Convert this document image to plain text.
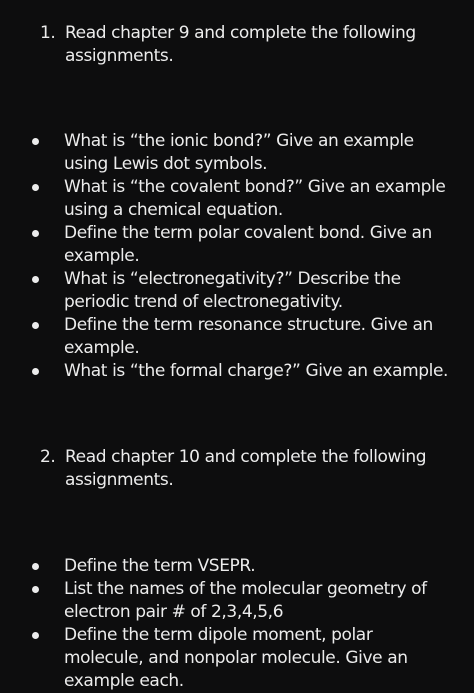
1. Read chapter 9 and complete the following assignments.
What is “the ionic bond?” Give an example using Lewis dot symbols.
What is “the covalent bond?” Give an example using a chemical equation.
Define the term polar covalent bond. Give an example.
What is “electronegativity?” Describe the periodic trend of electronegativity.
Define the term resonance structure. Give an example.
What is “the formal charge?” Give an example.
2. Read chapter 10 and complete the following assignments.
Define the term VSEPR.
List the names of the molecular geometry of electron pair # of 2,3,4,5,6
Define the term dipole moment, polar molecule, and nonpolar molecule. Give an example each.
